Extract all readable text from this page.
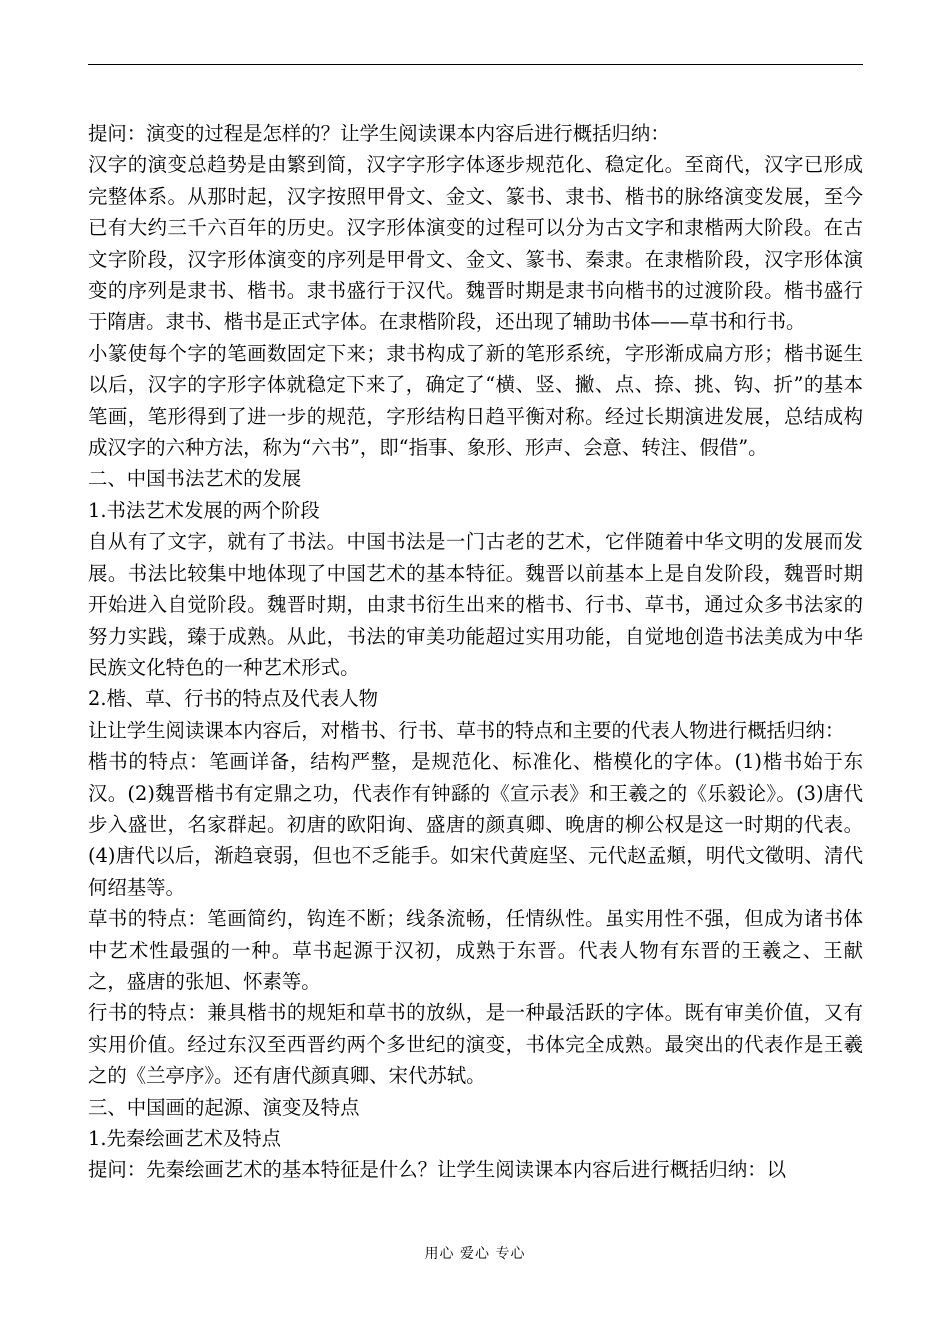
提问：演变的过程是怎样的？让学生阅读课本内容后进行概括归纳：

汉字的演变总趋势是由繁到简，汉字字形字体逐步规范化、稳定化。至商代，汉字已形成完整体系。从那时起，汉字按照甲骨文、金文、篆书、隶书、楷书的脉络演变发展，至今已有大约三千六百年的历史。汉字形体演变的过程可以分为古文字和隶楷两大阶段。在古文字阶段，汉字形体演变的序列是甲骨文、金文、篆书、秦隶。在隶楷阶段，汉字形体演变的序列是隶书、楷书。隶书盛行于汉代。魏晋时期是隶书向楷书的过渡阶段。楷书盛行于隋唐。隶书、楷书是正式字体。在隶楷阶段，还出现了辅助书体——草书和行书。

小篆使每个字的笔画数固定下来；隶书构成了新的笔形系统，字形渐成扁方形；楷书诞生以后，汉字的字形字体就稳定下来了，确定了“横、竖、撇、点、捺、挑、钩、折”的基本笔画，笔形得到了进一步的规范，字形结构日趋平衡对称。经过长期演进发展，总结成构成汉字的六种方法，称为“六书”，即“指事、象形、形声、会意、转注、假借”。

二、中国书法艺术的发展

1.书法艺术发展的两个阶段

自从有了文字，就有了书法。中国书法是一门古老的艺术，它伴随着中华文明的发展而发展。书法比较集中地体现了中国艺术的基本特征。魏晋以前基本上是自发阶段，魏晋时期开始进入自觉阶段。魏晋时期，由隶书衍生出来的楷书、行书、草书，通过众多书法家的努力实践，臻于成熟。从此，书法的审美功能超过实用功能，自觉地创造书法美成为中华民族文化特色的一种艺术形式。

2.楷、草、行书的特点及代表人物

让让学生阅读课本内容后，对楷书、行书、草书的特点和主要的代表人物进行概括归纳：

楷书的特点：笔画详备，结构严整，是规范化、标准化、楷模化的字体。(1)楷书始于东汉。(2)魏晋楷书有定鼎之功，代表作有钟繇的《宣示表》和王羲之的《乐毅论》。(3)唐代步入盛世，名家群起。初唐的欧阳询、盛唐的颜真卿、晚唐的柳公权是这一时期的代表。(4)唐代以后，渐趋衰弱，但也不乏能手。如宋代黄庭坚、元代赵孟頫，明代文徵明、清代何绍基等。

草书的特点：笔画简约，钩连不断；线条流畅，任情纵性。虽实用性不强，但成为诸书体中艺术性最强的一种。草书起源于汉初，成熟于东晋。代表人物有东晋的王羲之、王献之，盛唐的张旭、怀素等。

行书的特点：兼具楷书的规矩和草书的放纵，是一种最活跃的字体。既有审美价值，又有实用价值。经过东汉至西晋约两个多世纪的演变，书体完全成熟。最突出的代表作是王羲之的《兰亭序》。还有唐代颜真卿、宋代苏轼。

三、中国画的起源、演变及特点

1.先秦绘画艺术及特点

提问：先秦绘画艺术的基本特征是什么？让学生阅读课本内容后进行概括归纳：以

用心 爱心 专心
